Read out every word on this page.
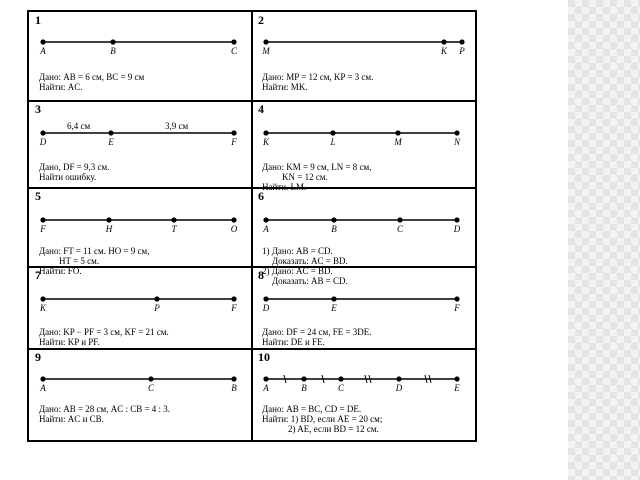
1
A	B	C
Дано: AB = 6 см, BC = 9 см
Найти: AC.
2
M	K P
Дано: MP = 12 см, KP = 3 см.
Найти: MK.
3
D	E	F
6,4 см	3,9 см
Дано, DF = 9,3 см.
Найти ошибку.
4
K	L	M	N
Дано: KM = 9 см, LN = 8 см,
KN = 12 см.
Найти. LM.
5
F	H	T	O
Дано: FT = 11 см. HO = 9 см,
HT = 5 см.
Найти: FO.
6
A	B	C	D
1) Дано: AB = CD.
Доказать: AC = BD.
2) Дано: AC = BD.
Доказать: AB = CD.
7
K	P	F
Дано: KP − PF = 3 см, KF = 21 см.
Найти: KP и PF.
8
D	E	F
Дано: DF = 24 см, FE = 3DE.
Найти: DE и FE.
9
A	C	B
Дано: AB = 28 см, AC : CB = 4 : 3.
Найти: AC и CB.
10
A	B	C	D	E
Дано: AB = BC, CD = DE.
Найти: 1) BD, если AE = 20 см;
2) AE, если BD = 12 см.
